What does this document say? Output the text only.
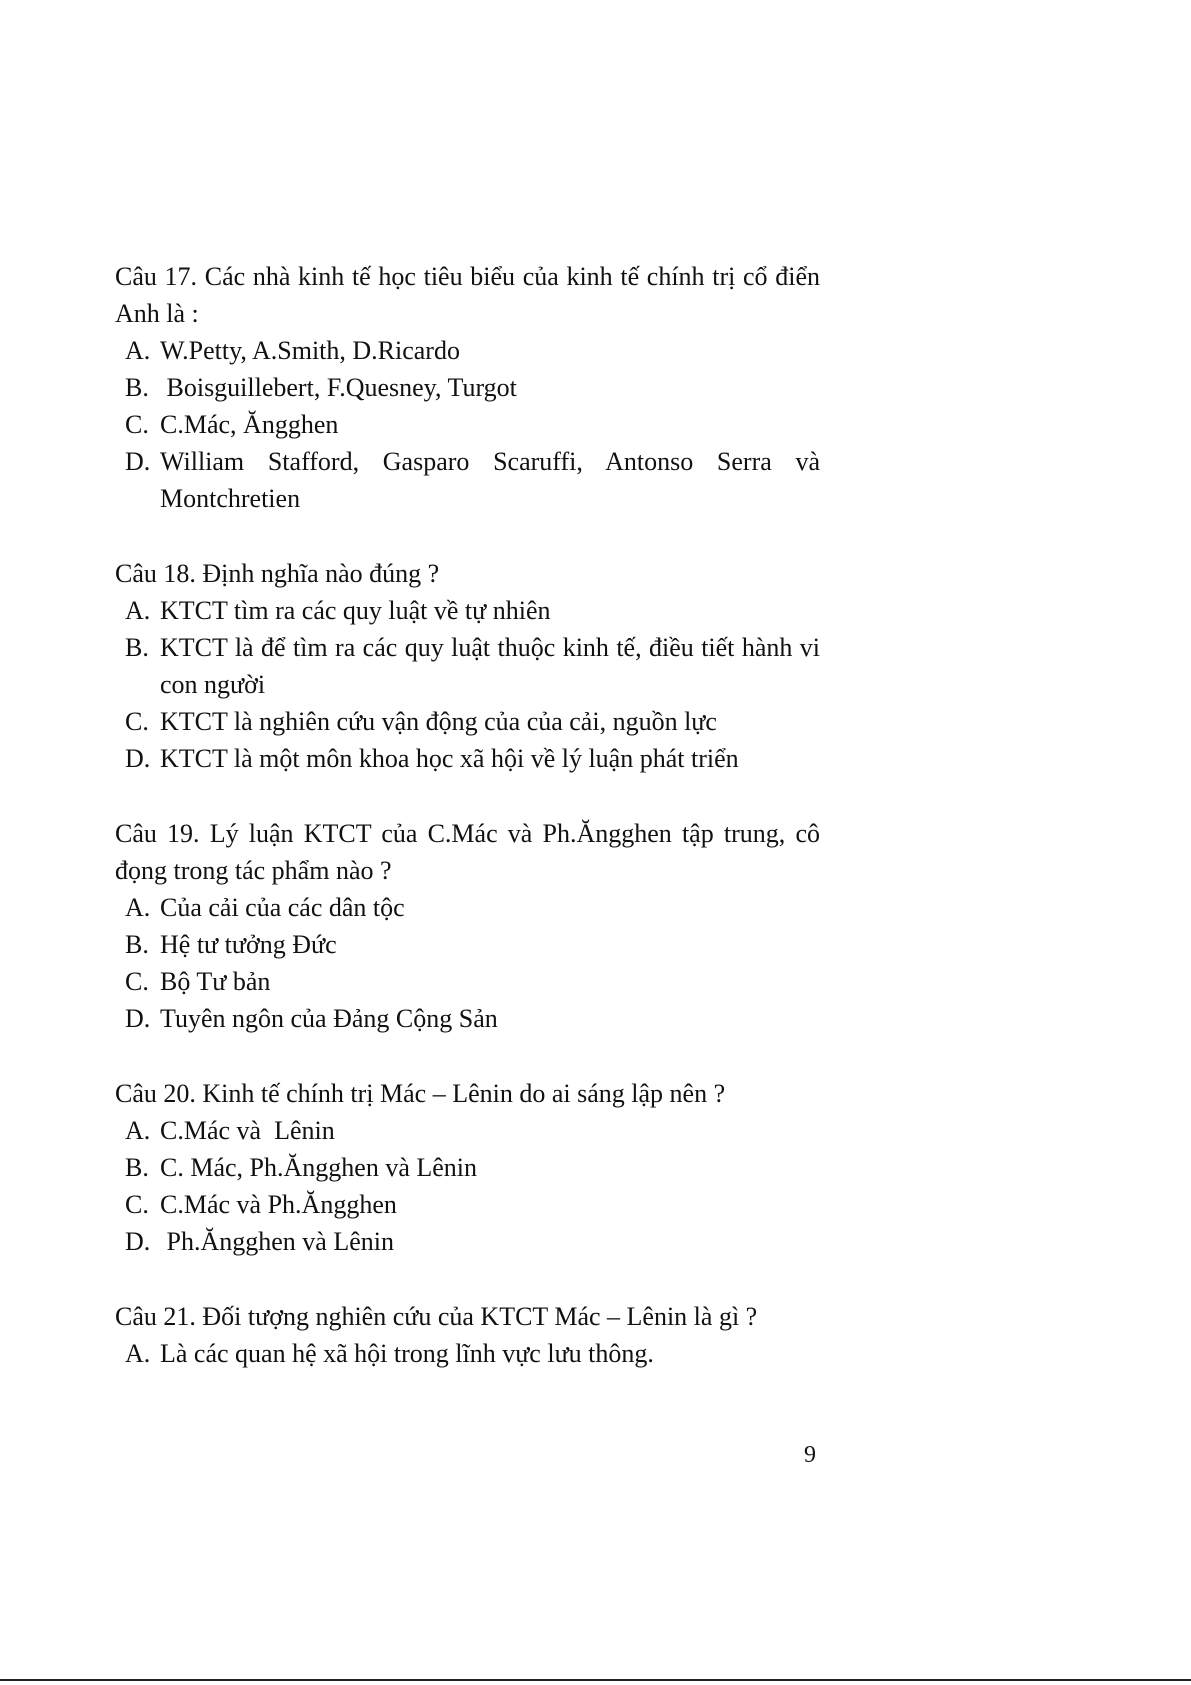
Câu 17. Các nhà kinh tế học tiêu biểu của kinh tế chính trị cổ điển Anh là :

A. W.Petty, A.Smith, D.Ricardo
B. Boisguillebert, F.Quesney, Turgot
C. C.Mác, Ăngghen
D. William Stafford, Gasparo Scaruffi, Antonso Serra và Montchretien

Câu 18. Định nghĩa nào đúng ?

A. KTCT tìm ra các quy luật về tự nhiên
B. KTCT là để tìm ra các quy luật thuộc kinh tế, điều tiết hành vi con người
C. KTCT là nghiên cứu vận động của của cải, nguồn lực
D. KTCT là một môn khoa học xã hội về lý luận phát triển

Câu 19. Lý luận KTCT của C.Mác và Ph.Ăngghen tập trung, cô đọng trong tác phẩm nào ?

A. Của cải của các dân tộc
B. Hệ tư tưởng Đức
C. Bộ Tư bản
D. Tuyên ngôn của Đảng Cộng Sản

Câu 20. Kinh tế chính trị Mác – Lênin do ai sáng lập nên ?

A. C.Mác và  Lênin
B. C. Mác, Ph.Ăngghen và Lênin
C. C.Mác và Ph.Ăngghen
D. Ph.Ăngghen và Lênin

Câu 21. Đối tượng nghiên cứu của KTCT Mác – Lênin là gì ?

A. Là các quan hệ xã hội trong lĩnh vực lưu thông.
9
